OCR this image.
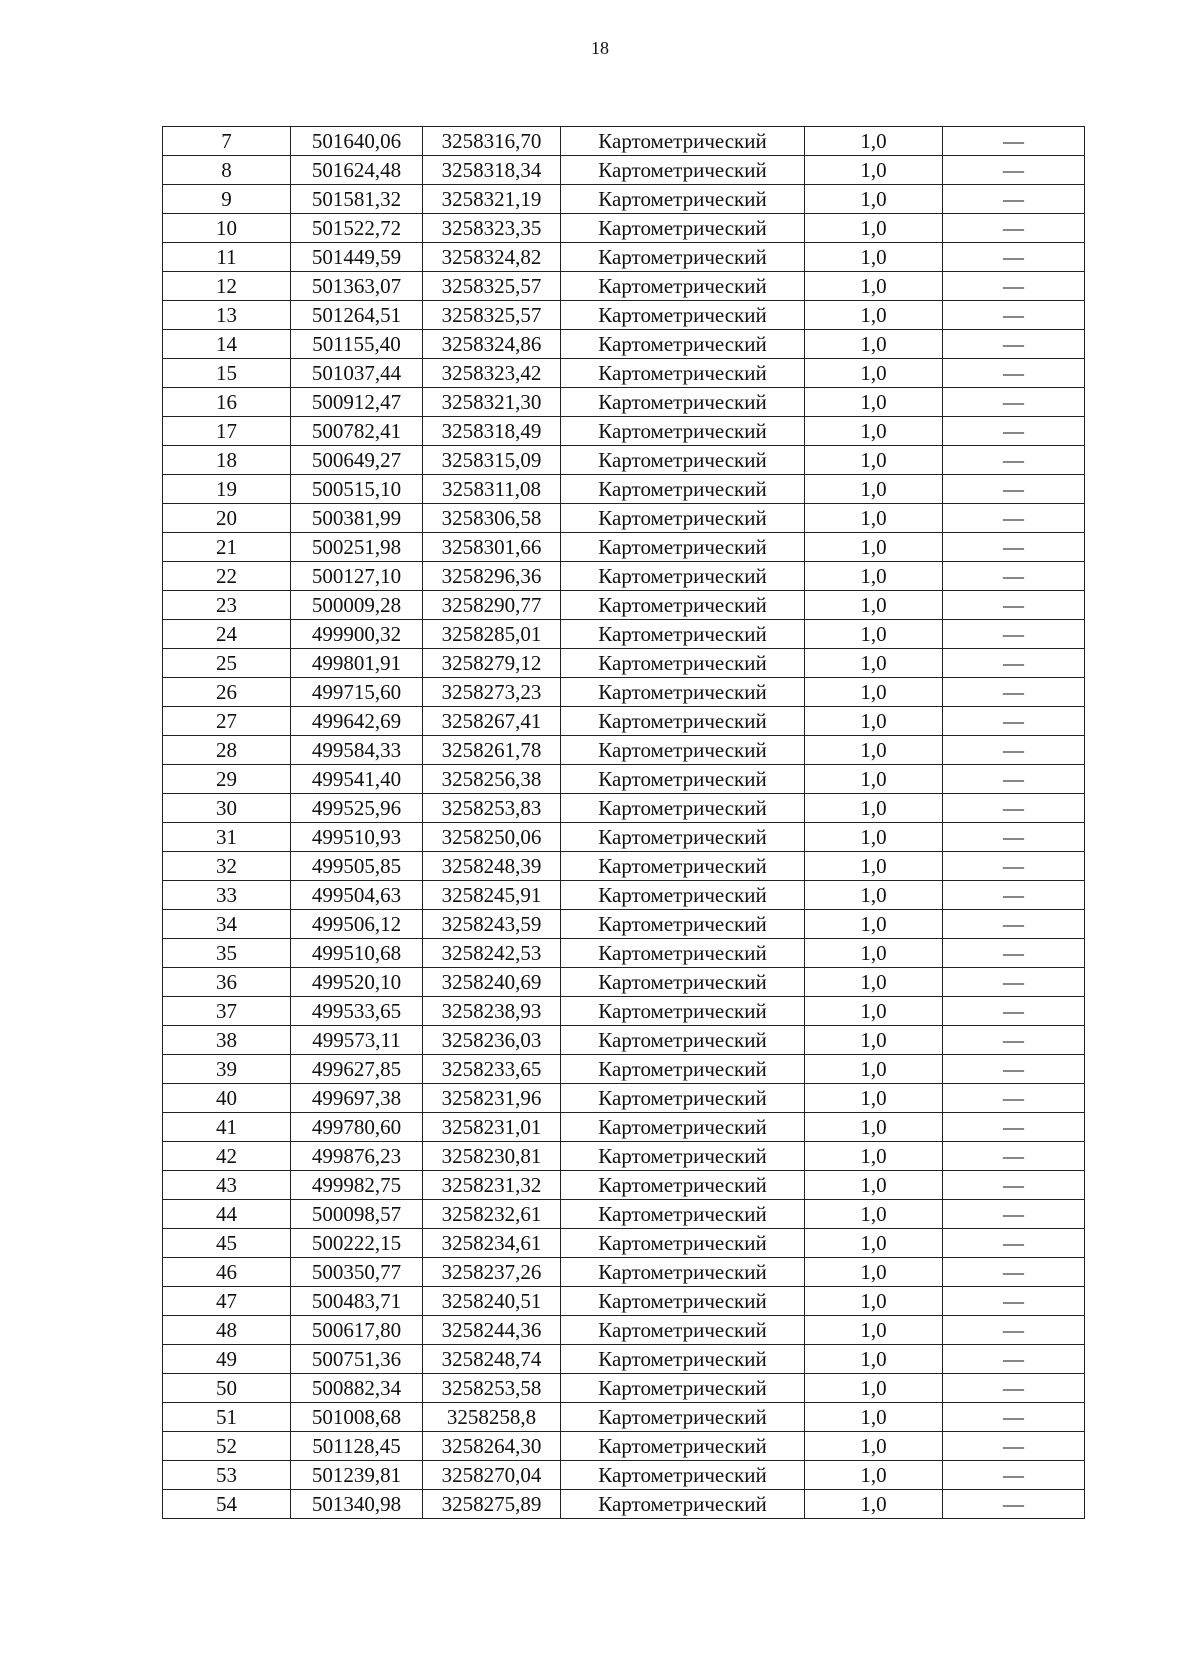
18
7	501640,06	3258316,70	Картометрический	1,0	—
8	501624,48	3258318,34	Картометрический	1,0	—
9	501581,32	3258321,19	Картометрический	1,0	—
10	501522,72	3258323,35	Картометрический	1,0	—
11	501449,59	3258324,82	Картометрический	1,0	—
12	501363,07	3258325,57	Картометрический	1,0	—
13	501264,51	3258325,57	Картометрический	1,0	—
14	501155,40	3258324,86	Картометрический	1,0	—
15	501037,44	3258323,42	Картометрический	1,0	—
16	500912,47	3258321,30	Картометрический	1,0	—
17	500782,41	3258318,49	Картометрический	1,0	—
18	500649,27	3258315,09	Картометрический	1,0	—
19	500515,10	3258311,08	Картометрический	1,0	—
20	500381,99	3258306,58	Картометрический	1,0	—
21	500251,98	3258301,66	Картометрический	1,0	—
22	500127,10	3258296,36	Картометрический	1,0	—
23	500009,28	3258290,77	Картометрический	1,0	—
24	499900,32	3258285,01	Картометрический	1,0	—
25	499801,91	3258279,12	Картометрический	1,0	—
26	499715,60	3258273,23	Картометрический	1,0	—
27	499642,69	3258267,41	Картометрический	1,0	—
28	499584,33	3258261,78	Картометрический	1,0	—
29	499541,40	3258256,38	Картометрический	1,0	—
30	499525,96	3258253,83	Картометрический	1,0	—
31	499510,93	3258250,06	Картометрический	1,0	—
32	499505,85	3258248,39	Картометрический	1,0	—
33	499504,63	3258245,91	Картометрический	1,0	—
34	499506,12	3258243,59	Картометрический	1,0	—
35	499510,68	3258242,53	Картометрический	1,0	—
36	499520,10	3258240,69	Картометрический	1,0	—
37	499533,65	3258238,93	Картометрический	1,0	—
38	499573,11	3258236,03	Картометрический	1,0	—
39	499627,85	3258233,65	Картометрический	1,0	—
40	499697,38	3258231,96	Картометрический	1,0	—
41	499780,60	3258231,01	Картометрический	1,0	—
42	499876,23	3258230,81	Картометрический	1,0	—
43	499982,75	3258231,32	Картометрический	1,0	—
44	500098,57	3258232,61	Картометрический	1,0	—
45	500222,15	3258234,61	Картометрический	1,0	—
46	500350,77	3258237,26	Картометрический	1,0	—
47	500483,71	3258240,51	Картометрический	1,0	—
48	500617,80	3258244,36	Картометрический	1,0	—
49	500751,36	3258248,74	Картометрический	1,0	—
50	500882,34	3258253,58	Картометрический	1,0	—
51	501008,68	3258258,8	Картометрический	1,0	—
52	501128,45	3258264,30	Картометрический	1,0	—
53	501239,81	3258270,04	Картометрический	1,0	—
54	501340,98	3258275,89	Картометрический	1,0	—
